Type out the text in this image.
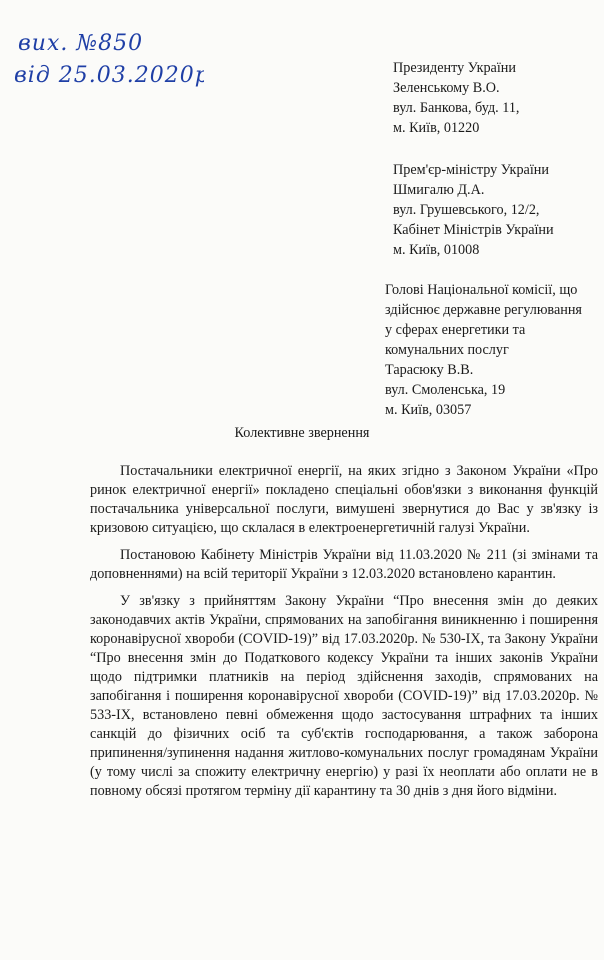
вих. №850
від 25.03.2020р	Президенту України
Зеленському В.О.
вул. Банкова, буд. 11,
м. Київ, 01220
Прем'єр-міністру України
Шмигалю Д.А.
вул. Грушевського, 12/2,
Кабінет Міністрів України
м. Київ, 01008
Голові Національної комісії, що
здійснює державне регулювання
у сферах енергетики та
комунальних послуг
Тарасюку В.В.
вул. Смоленська, 19
м. Київ, 03057
Колективне звернення

Постачальники електричної енергії, на яких згідно з Законом України «Про ринок електричної енергії» покладено спеціальні обов'язки з виконання функцій постачальника універсальної послуги, вимушені звернутися до Вас у зв'язку із кризовою ситуацією, що склалася в електроенергетичній галузі України.

Постановою Кабінету Міністрів України від 11.03.2020 № 211 (зі змінами та доповненнями) на всій території України з 12.03.2020 встановлено карантин.

У зв'язку з прийняттям Закону України “Про внесення змін до деяких законодавчих актів України, спрямованих на запобігання виникненню і поширення коронавірусної хвороби (COVID-19)” від 17.03.2020р. № 530-IX, та Закону України “Про внесення змін до Податкового кодексу України та інших законів України щодо підтримки платників на період здійснення заходів, спрямованих на запобігання і поширення коронавірусної хвороби (COVID-19)” від 17.03.2020р. № 533-IX, встановлено певні обмеження щодо застосування штрафних та інших санкцій до фізичних осіб та суб'єктів господарювання, а також заборона припинення/зупинення надання житлово-комунальних послуг громадянам України (у тому числі за спожиту електричну енергію) у разі їх неоплати або оплати не в повному обсязі протягом терміну дії карантину та 30 днів з дня його відміни.
